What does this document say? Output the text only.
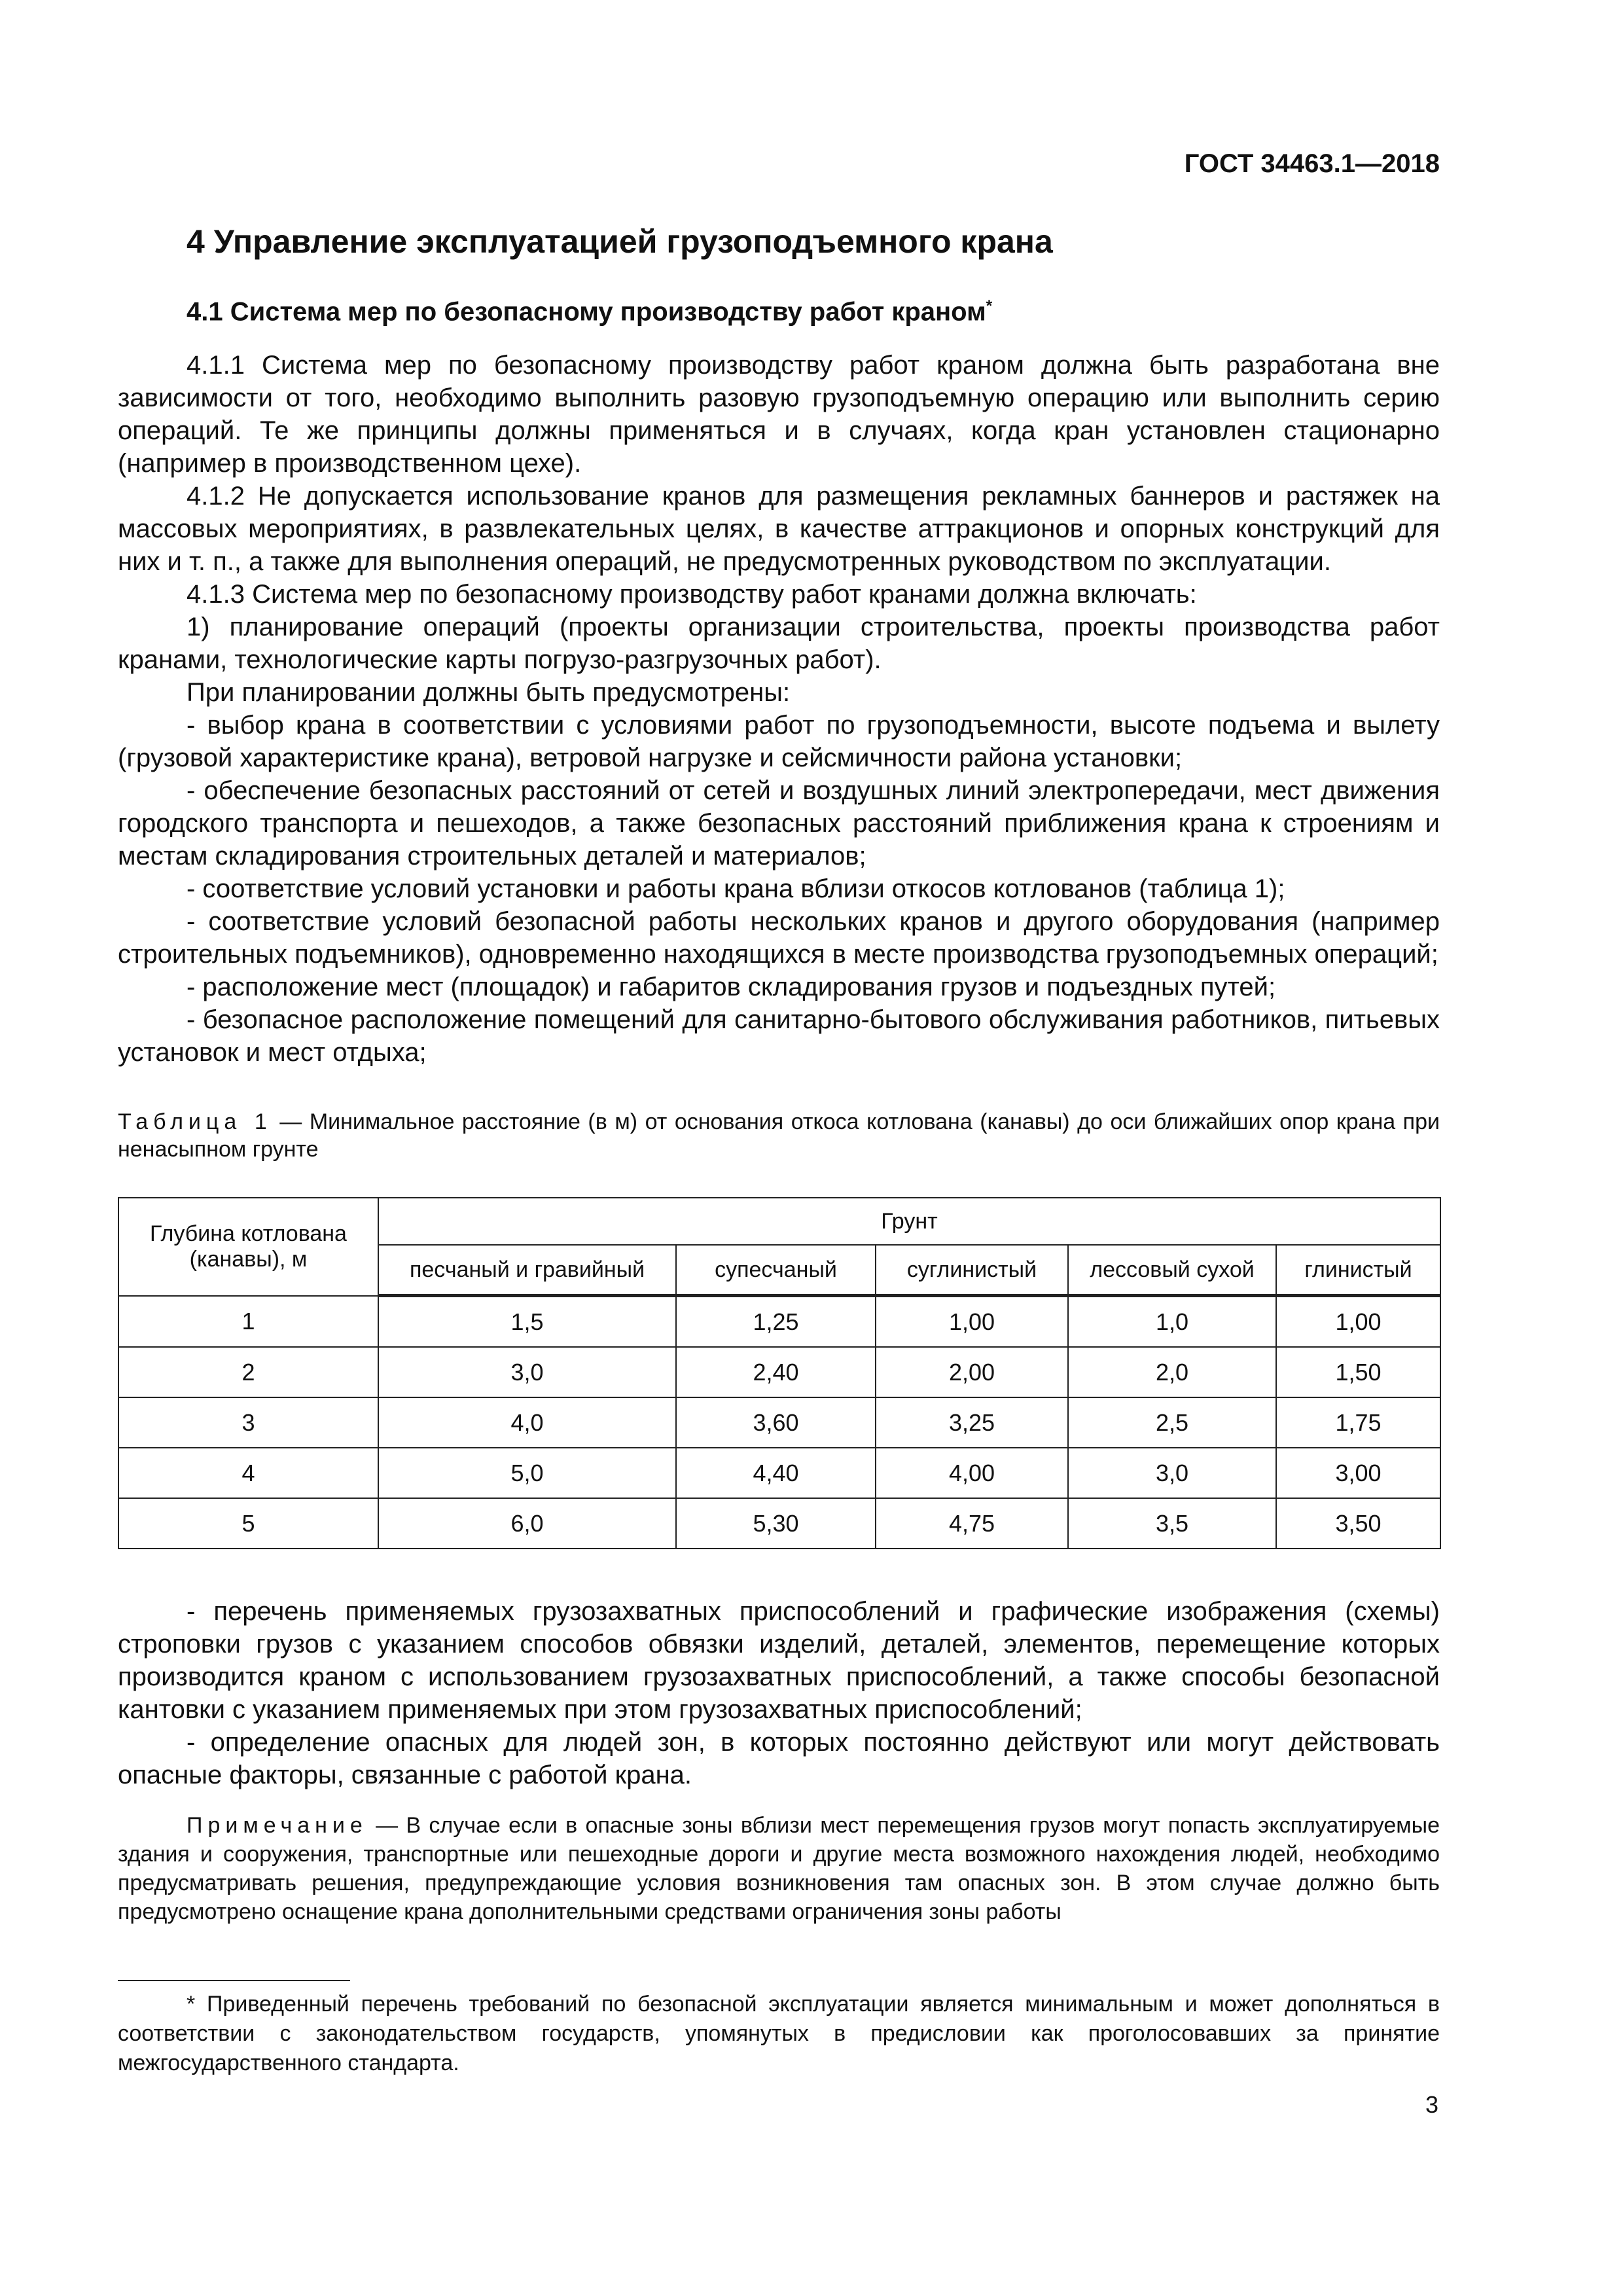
ГОСТ 34463.1—2018
4 Управление эксплуатацией грузоподъемного крана
4.1 Система мер по безопасному производству работ краном*

4.1.1 Система мер по безопасному производству работ краном должна быть разработана вне зависимости от того, необходимо выполнить разовую грузоподъемную операцию или выполнить серию операций. Те же принципы должны применяться и в случаях, когда кран установлен стационарно (например в производственном цехе).

4.1.2 Не допускается использование кранов для размещения рекламных баннеров и растяжек на массовых мероприятиях, в развлекательных целях, в качестве аттракционов и опорных конструкций для них и т. п., а также для выполнения операций, не предусмотренных руководством по эксплуатации.

4.1.3 Система мер по безопасному производству работ кранами должна включать:

1) планирование операций (проекты организации строительства, проекты производства работ кранами, технологические карты погрузо-разгрузочных работ).

При планировании должны быть предусмотрены:

- выбор крана в соответствии с условиями работ по грузоподъемности, высоте подъема и вылету (грузовой характеристике крана), ветровой нагрузке и сейсмичности района установки;

- обеспечение безопасных расстояний от сетей и воздушных линий электропередачи, мест движения городского транспорта и пешеходов, а также безопасных расстояний приближения крана к строениям и местам складирования строительных деталей и материалов;

- соответствие условий установки и работы крана вблизи откосов котлованов (таблица 1);

- соответствие условий безопасной работы нескольких кранов и другого оборудования (например строительных подъемников), одновременно находящихся в месте производства грузоподъемных операций;

- расположение мест (площадок) и габаритов складирования грузов и подъездных путей;

- безопасное расположение помещений для санитарно-бытового обслуживания работников, питьевых установок и мест отдыха;

Таблица 1 — Минимальное расстояние (в м) от основания откоса котлована (канавы) до оси ближайших опор крана при ненасыпном грунте
Глубина котлована (канавы), м	Грунт				
	песчаный и гравийный	супесчаный	суглинистый	лессовый сухой	глинистый
1	1,5	1,25	1,00	1,0	1,00
2	3,0	2,40	2,00	2,0	1,50
3	4,0	3,60	3,25	2,5	1,75
4	5,0	4,40	4,00	3,0	3,00
5	6,0	5,30	4,75	3,5	3,50

- перечень применяемых грузозахватных приспособлений и графические изображения (схемы) строповки грузов с указанием способов обвязки изделий, деталей, элементов, перемещение которых производится краном с использованием грузозахватных приспособлений, а также способы безопасной кантовки с указанием применяемых при этом грузозахватных приспособлений;

- определение опасных для людей зон, в которых постоянно действуют или могут действовать опасные факторы, связанные с работой крана.

Примечание — В случае если в опасные зоны вблизи мест перемещения грузов могут попасть эксплуатируемые здания и сооружения, транспортные или пешеходные дороги и другие места возможного нахождения людей, необходимо предусматривать решения, предупреждающие условия возникновения там опасных зон. В этом случае должно быть предусмотрено оснащение крана дополнительными средствами ограничения зоны работы

* Приведенный перечень требований по безопасной эксплуатации является минимальным и может дополняться в соответствии с законодательством государств, упомянутых в предисловии как проголосовавших за принятие межгосударственного стандарта.

3
